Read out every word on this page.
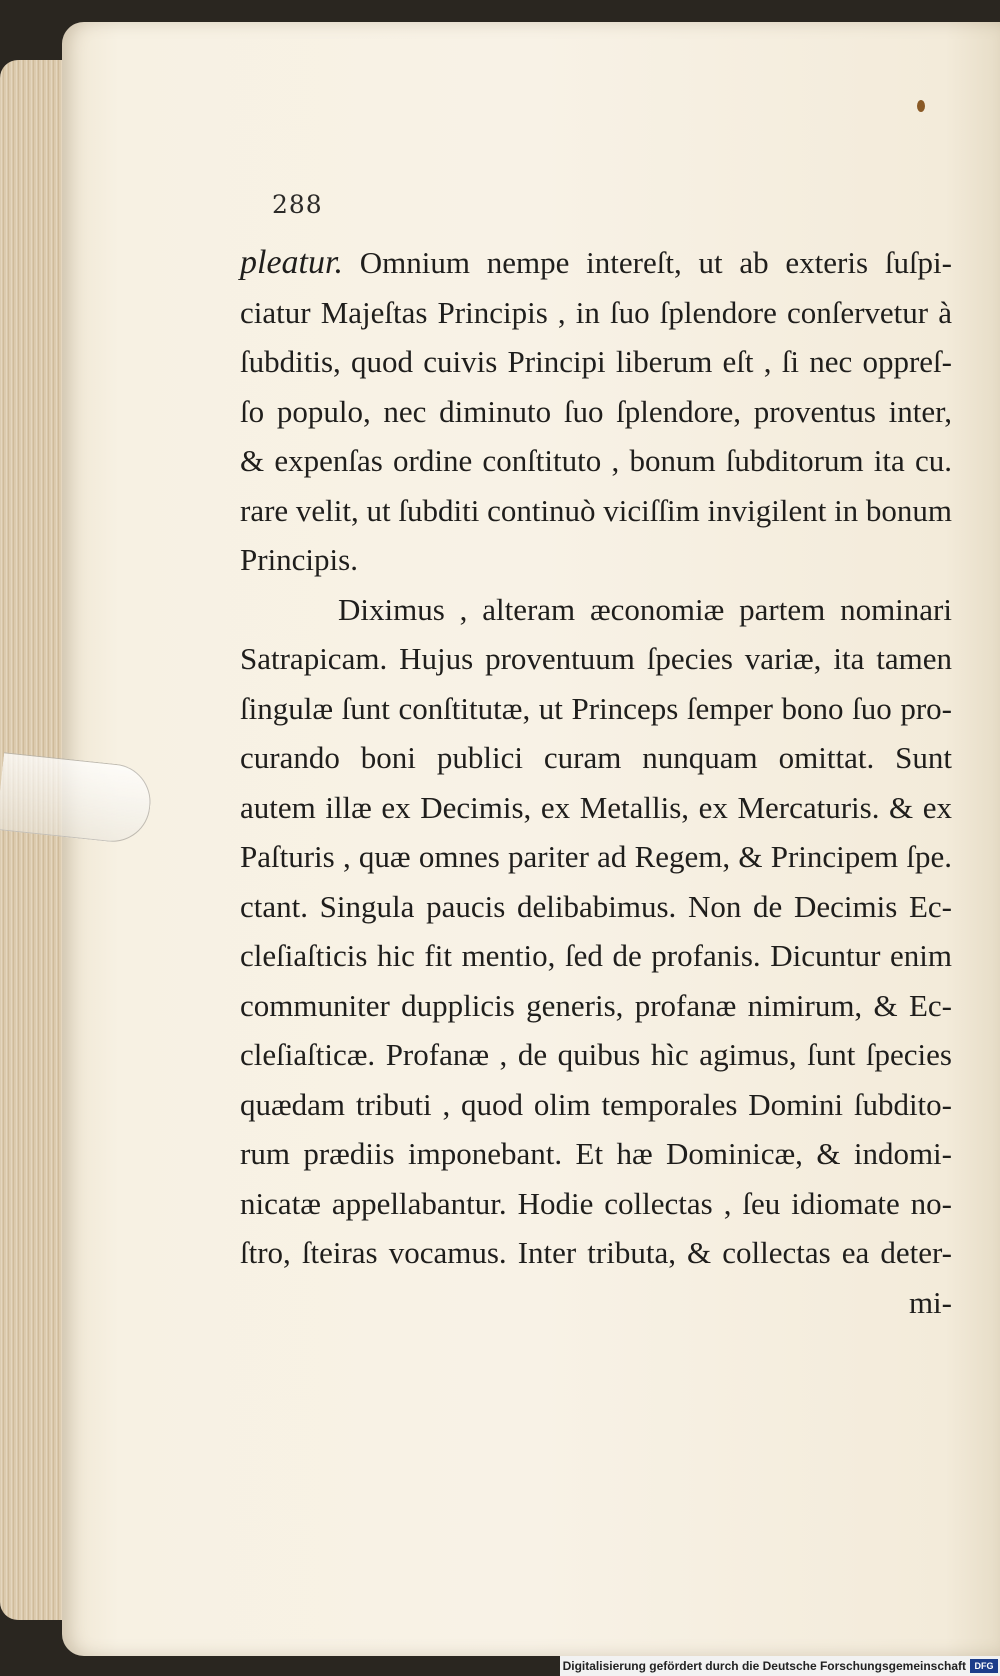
288
pleatur. Omnium nempe intereſt, ut ab exteris ſuſpi-
ciatur Majeſtas Principis , in ſuo ſplendore conſervetur à
ſubditis, quod cuivis Principi liberum eſt , ſi nec oppreſ-
ſo populo, nec diminuto ſuo ſplendore, proventus inter,
& expenſas ordine conſtituto , bonum ſubditorum ita cu.
rare velit, ut ſubditi continuò viciſſim invigilent in bonum
Principis.
Diximus , alteram æconomiæ partem nominari
Satrapicam. Hujus proventuum ſpecies variæ, ita tamen
ſingulæ ſunt conſtitutæ, ut Princeps ſemper bono ſuo pro-
curando boni publici curam nunquam omittat. Sunt
autem illæ ex Decimis, ex Metallis, ex Mercaturis. & ex
Paſturis , quæ omnes pariter ad Regem, & Principem ſpe.
ctant. Singula paucis delibabimus. Non de Decimis Ec-
cleſiaſticis hic fit mentio, ſed de profanis. Dicuntur enim
communiter dupplicis generis, profanæ nimirum, & Ec-
cleſiaſticæ. Profanæ , de quibus hìc agimus, ſunt ſpecies
quædam tributi , quod olim temporales Domini ſubdito-
rum prædiis imponebant. Et hæ Dominicæ, & indomi-
nicatæ appellabantur. Hodie collectas , ſeu idiomate no-
ſtro, ſteiras vocamus. Inter tributa, & collectas ea deter-
mi-
Digitalisierung gefördert durch die Deutsche Forschungsgemeinschaft DFG
